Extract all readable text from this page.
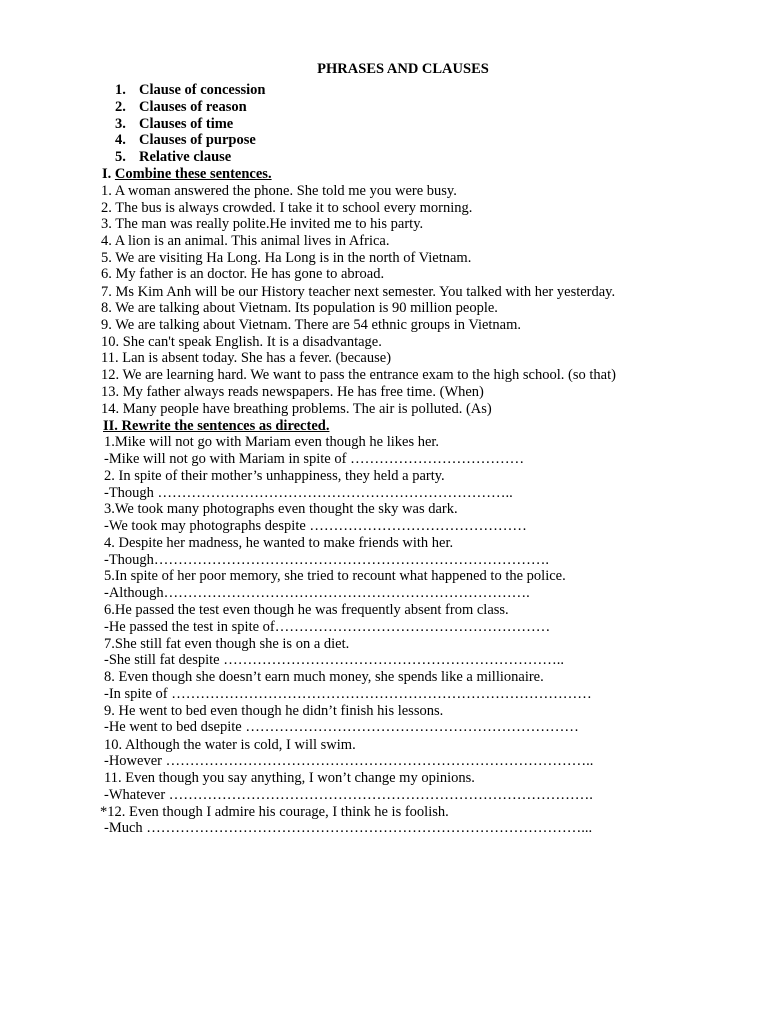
PHRASES AND CLAUSES
1. Clause of concession
2. Clauses of reason
3. Clauses of time
4. Clauses of purpose
5. Relative clause
I. Combine these sentences.
1. A woman answered the phone. She told me you were busy.
2. The bus is always crowded. I take it to school every morning.
3. The man was really polite.He invited me to his party.
4. A lion is an animal. This animal lives in Africa.
5. We are visiting Ha Long. Ha Long is in the north of Vietnam.
6. My father is an doctor. He has gone to abroad.
7. Ms Kim Anh will be our History teacher next semester. You talked with her yesterday.
8. We are talking about Vietnam. Its population is 90 million people.
9. We are talking about Vietnam. There are 54 ethnic groups in Vietnam.
10. She can't speak English. It is a disadvantage.
11. Lan is absent today. She has a fever. (because)
12. We are learning hard. We want to pass the entrance exam to the high school. (so that)
13. My father always reads newspapers. He has free time. (When)
14. Many people have breathing problems. The air is polluted. (As)
II. Rewrite the sentences as directed.
1.Mike will not go with Mariam even though he likes her.
-Mike will not go with Mariam in spite of ………………………………
2. In spite of their mother’s unhappiness, they held a party.
-Though ………………………………………………………………..
3.We took many photographs even thought the sky was dark.
-We took may photographs despite ………………………………………
4. Despite her madness, he wanted to make friends with her.
-Though……………………………………………………………………….
5.In spite of her poor memory, she tried to recount what happened to the police.
-Although………………………………………………………………….
6.He passed the test even though he was frequently absent from class.
-He passed the test in spite of…………………………………………………
7.She still fat even though she is on a diet.
-She still fat despite ……………………………………………………………..
8. Even though she doesn’t earn much money, she spends like a millionaire.
-In spite of ……………………………………………………………………………
9. He went to bed even though he didn’t finish his lessons.
-He went to bed dsepite ……………………………………………………………
10. Although the water is cold, I will swim.
-However ……………………………………………………………………………..
11. Even though you say anything, I won’t change my opinions.
-Whatever …………………………………………………………………………….
*12. Even though I admire his courage, I think he is foolish.
-Much ………………………………………………………………………………...
